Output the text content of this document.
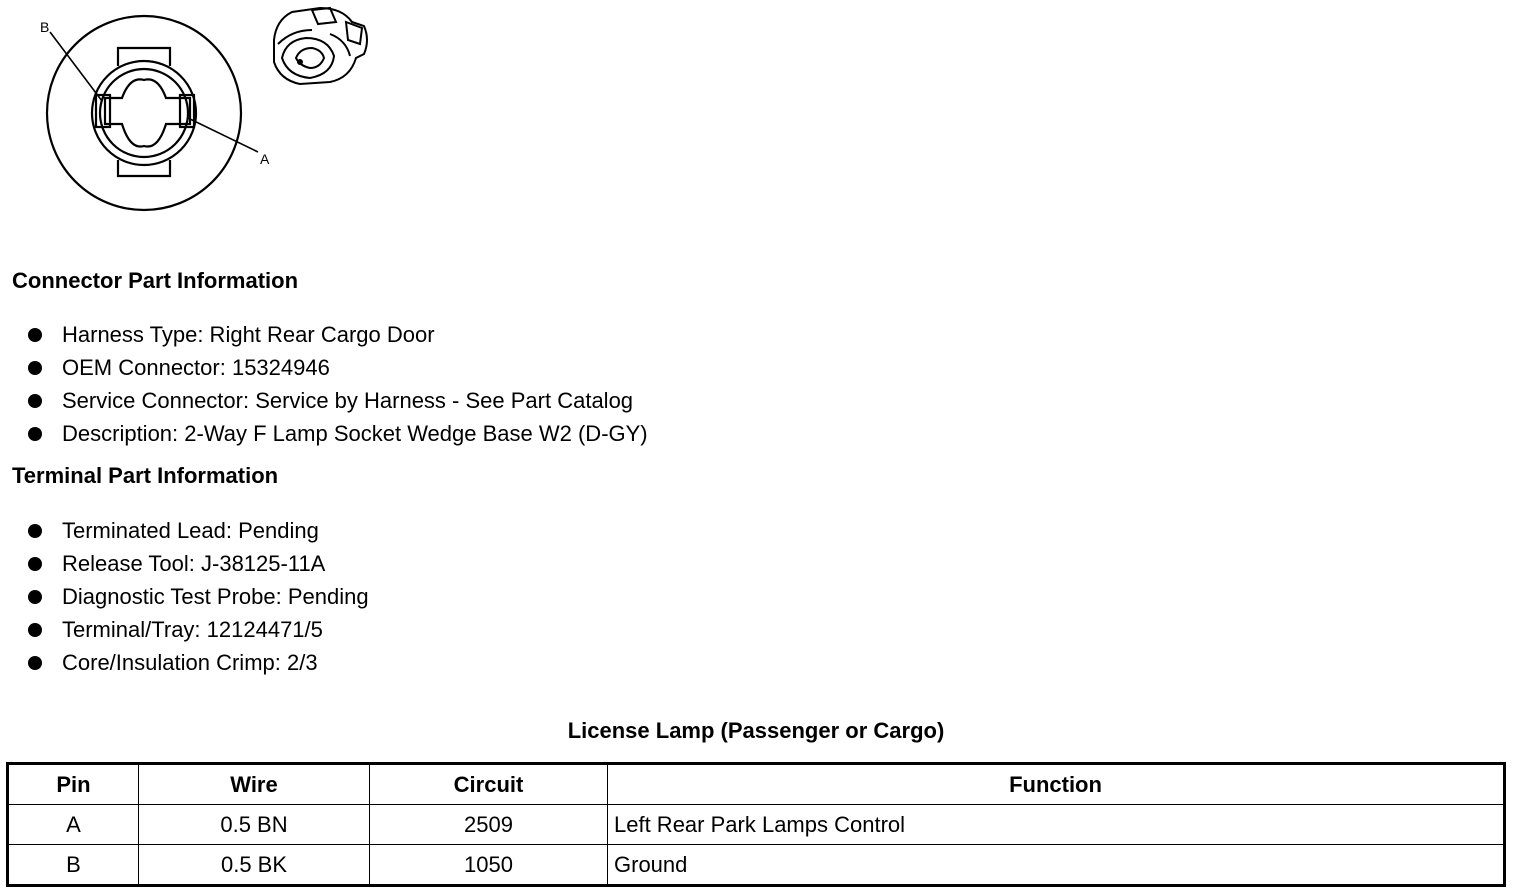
B
A
Connector Part Information
Harness Type: Right Rear Cargo Door
OEM Connector: 15324946
Service Connector: Service by Harness - See Part Catalog
Description: 2-Way F Lamp Socket Wedge Base W2 (D-GY)
Terminal Part Information
Terminated Lead: Pending
Release Tool: J-38125-11A
Diagnostic Test Probe: Pending
Terminal/Tray: 12124471/5
Core/Insulation Crimp: 2/3
License Lamp (Passenger or Cargo)
Pin	Wire	Circuit	Function
A	0.5 BN	2509	Left Rear Park Lamps Control
B	0.5 BK	1050	Ground
